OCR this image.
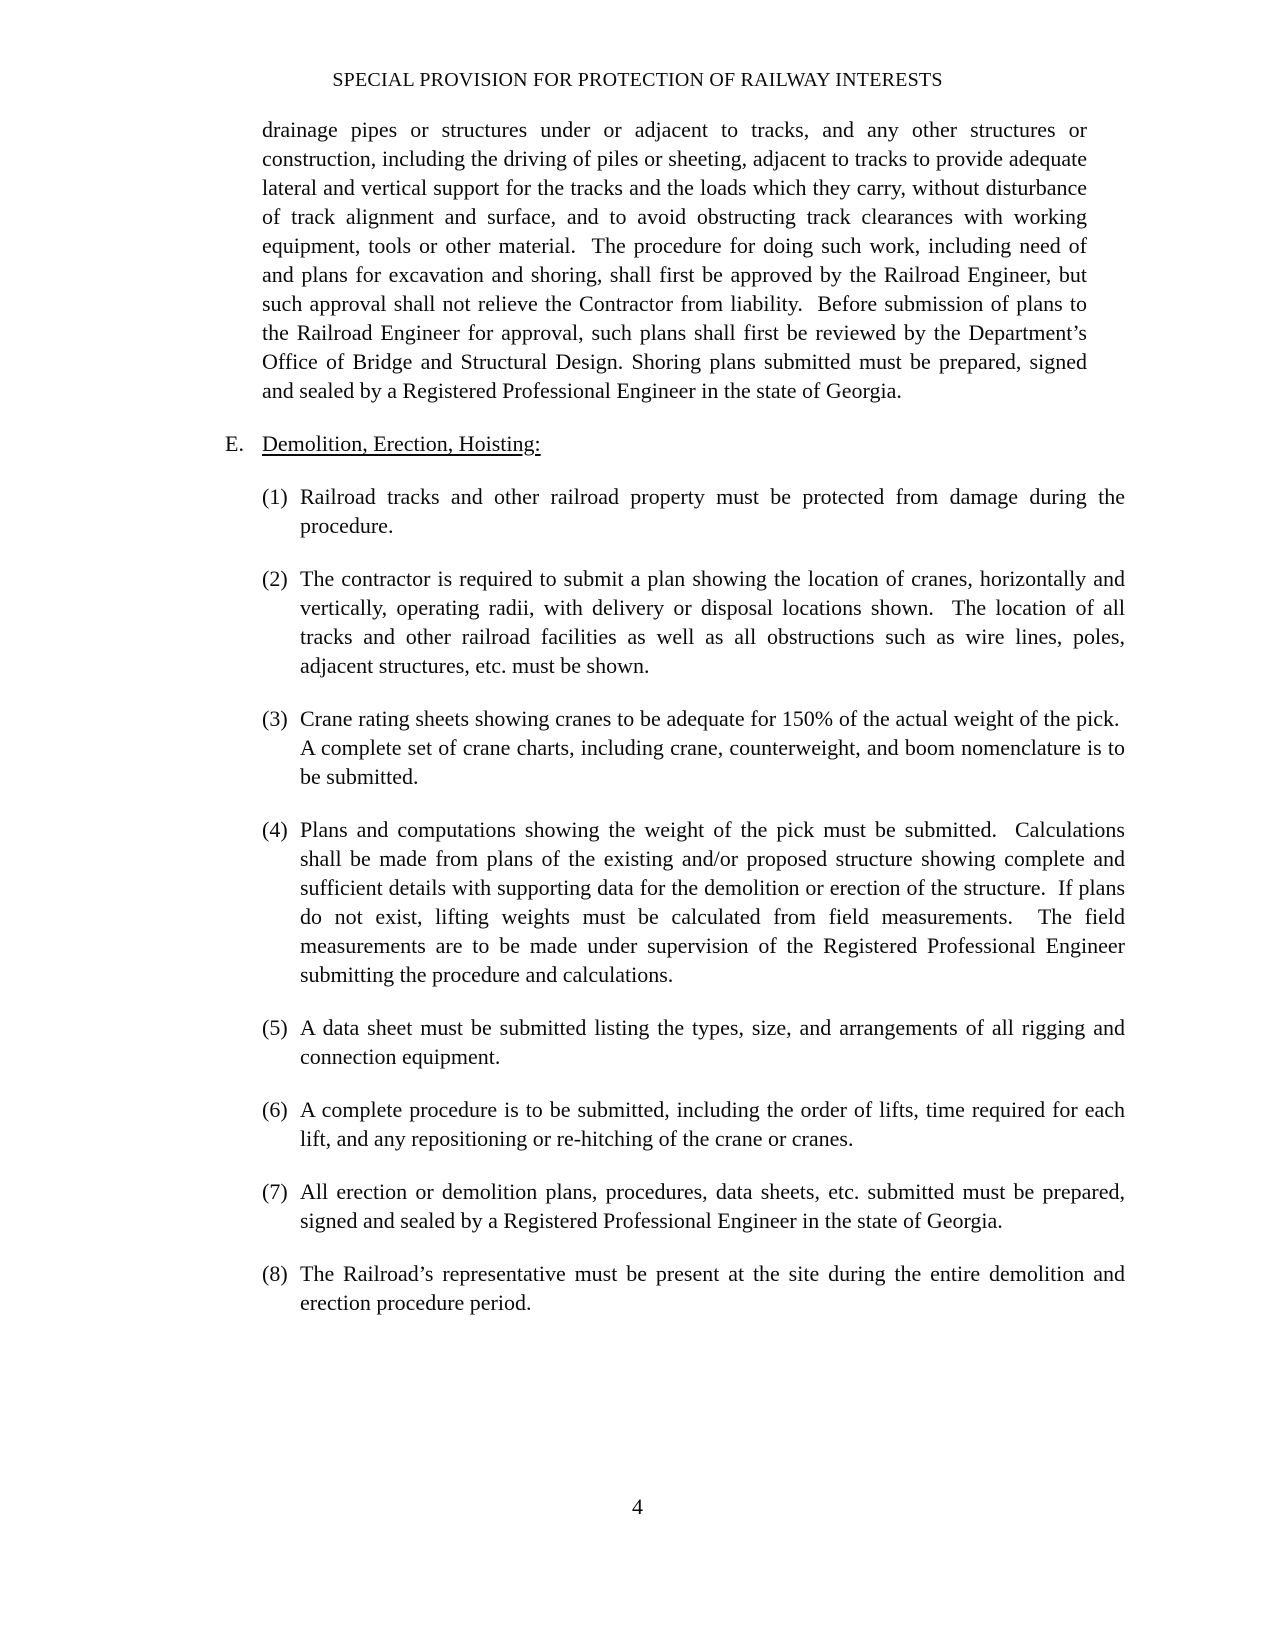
SPECIAL PROVISION FOR PROTECTION OF RAILWAY INTERESTS
drainage pipes or structures under or adjacent to tracks, and any other structures or construction, including the driving of piles or sheeting, adjacent to tracks to provide adequate lateral and vertical support for the tracks and the loads which they carry, without disturbance of track alignment and surface, and to avoid obstructing track clearances with working equipment, tools or other material.  The procedure for doing such work, including need of and plans for excavation and shoring, shall first be approved by the Railroad Engineer, but such approval shall not relieve the Contractor from liability.  Before submission of plans to the Railroad Engineer for approval, such plans shall first be reviewed by the Department’s Office of Bridge and Structural Design. Shoring plans submitted must be prepared, signed and sealed by a Registered Professional Engineer in the state of Georgia.
E. Demolition, Erection, Hoisting:
(1) Railroad tracks and other railroad property must be protected from damage during the procedure.
(2) The contractor is required to submit a plan showing the location of cranes, horizontally and vertically, operating radii, with delivery or disposal locations shown.  The location of all tracks and other railroad facilities as well as all obstructions such as wire lines, poles, adjacent structures, etc. must be shown.
(3) Crane rating sheets showing cranes to be adequate for 150% of the actual weight of the pick.  A complete set of crane charts, including crane, counterweight, and boom nomenclature is to be submitted.
(4) Plans and computations showing the weight of the pick must be submitted.  Calculations shall be made from plans of the existing and/or proposed structure showing complete and sufficient details with supporting data for the demolition or erection of the structure.  If plans do not exist, lifting weights must be calculated from field measurements.  The field measurements are to be made under supervision of the Registered Professional Engineer submitting the procedure and calculations.
(5) A data sheet must be submitted listing the types, size, and arrangements of all rigging and connection equipment.
(6) A complete procedure is to be submitted, including the order of lifts, time required for each lift, and any repositioning or re-hitching of the crane or cranes.
(7) All erection or demolition plans, procedures, data sheets, etc. submitted must be prepared, signed and sealed by a Registered Professional Engineer in the state of Georgia.
(8) The Railroad’s representative must be present at the site during the entire demolition and erection procedure period.
4
